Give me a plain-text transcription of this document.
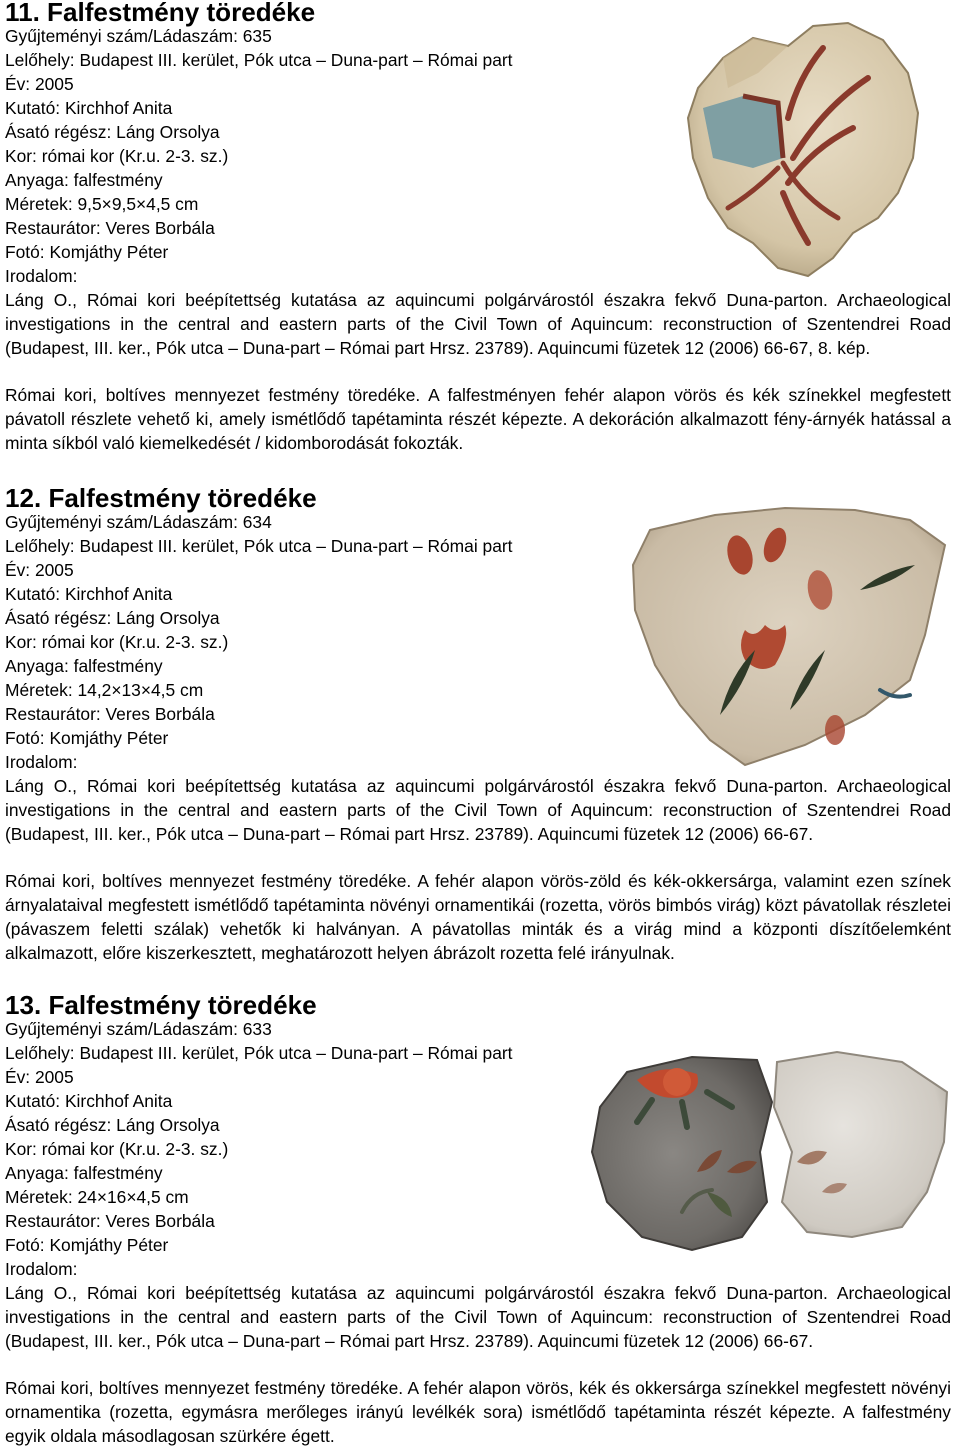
11. Falfestmény töredéke
Gyűjteményi szám/Ládaszám: 635
Lelőhely: Budapest III. kerület, Pók utca – Duna-part – Római part
Év: 2005
Kutató: Kirchhof Anita
Ásató régész: Láng Orsolya
Kor: római kor (Kr.u. 2-3. sz.)
Anyaga: falfestmény
Méretek: 9,5×9,5×4,5 cm
Restaurátor: Veres Borbála
Fotó: Komjáthy Péter
Irodalom:

Láng O., Római kori beépítettség kutatása az aquincumi polgárvárostól északra fekvő Duna-parton. Archaeological investigations in the central and eastern parts of the Civil Town of Aquincum: reconstruction of Szentendrei Road (Budapest, III. ker., Pók utca – Duna-part – Római part Hrsz. 23789). Aquincumi füzetek 12 (2006) 66-67, 8. kép.

Római kori, boltíves mennyezet festmény töredéke. A falfestményen fehér alapon vörös és kék színekkel megfestett pávatoll részlete vehető ki, amely ismétlődő tapétaminta részét képezte. A dekoráción alkalmazott fény-árnyék hatással a minta síkból való kiemelkedését / kidomborodását fokozták.

12. Falfestmény töredéke
Gyűjteményi szám/Ládaszám: 634
Lelőhely: Budapest III. kerület, Pók utca – Duna-part – Római part
Év: 2005
Kutató: Kirchhof Anita
Ásató régész: Láng Orsolya
Kor: római kor (Kr.u. 2-3. sz.)
Anyaga: falfestmény
Méretek: 14,2×13×4,5 cm
Restaurátor: Veres Borbála
Fotó: Komjáthy Péter
Irodalom:

Láng O., Római kori beépítettség kutatása az aquincumi polgárvárostól északra fekvő Duna-parton. Archaeological investigations in the central and eastern parts of the Civil Town of Aquincum: reconstruction of Szentendrei Road (Budapest, III. ker., Pók utca – Duna-part – Római part Hrsz. 23789). Aquincumi füzetek 12 (2006) 66-67.

Római kori, boltíves mennyezet festmény töredéke. A fehér alapon vörös-zöld és kék-okkersárga, valamint ezen színek árnyalataival megfestett ismétlődő tapétaminta növényi ornamentikái (rozetta, vörös bimbós virág) közt pávatollak részletei (pávaszem feletti szálak) vehetők ki halványan. A pávatollas minták és a virág mind a központi díszítőelemként alkalmazott, előre kiszerkesztett, meghatározott helyen ábrázolt rozetta felé irányulnak.

13. Falfestmény töredéke
Gyűjteményi szám/Ládaszám: 633
Lelőhely: Budapest III. kerület, Pók utca – Duna-part – Római part
Év: 2005
Kutató: Kirchhof Anita
Ásató régész: Láng Orsolya
Kor: római kor (Kr.u. 2-3. sz.)
Anyaga: falfestmény
Méretek: 24×16×4,5 cm
Restaurátor: Veres Borbála
Fotó: Komjáthy Péter
Irodalom:

Láng O., Római kori beépítettség kutatása az aquincumi polgárvárostól északra fekvő Duna-parton. Archaeological investigations in the central and eastern parts of the Civil Town of Aquincum: reconstruction of Szentendrei Road (Budapest, III. ker., Pók utca – Duna-part – Római part Hrsz. 23789). Aquincumi füzetek 12 (2006) 66-67.

Római kori, boltíves mennyezet festmény töredéke. A fehér alapon vörös, kék és okkersárga színekkel megfestett növényi ornamentika (rozetta, egymásra merőleges irányú levélkék sora) ismétlődő tapétaminta részét képezte. A falfestmény egyik oldala másodlagosan szürkére égett.
